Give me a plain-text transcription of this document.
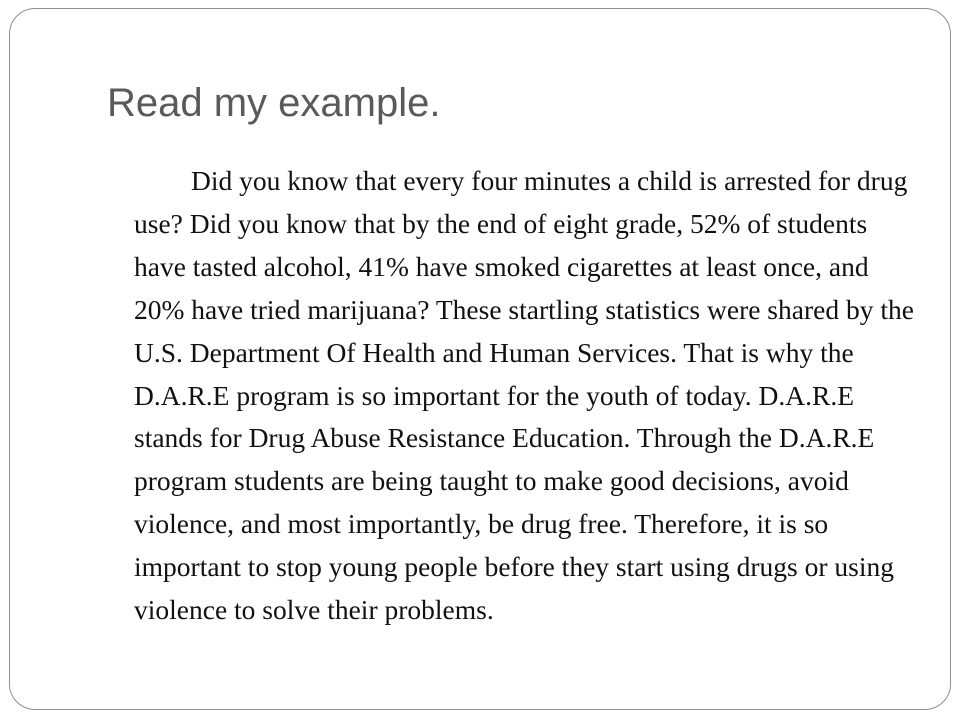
Read my example.

Did you know that every four minutes a child is arrested for drug use? Did you know that by the end of eight grade, 52% of students have tasted alcohol, 41% have smoked cigarettes at least once, and 20% have tried marijuana? These startling statistics were shared by the U.S. Department Of Health and Human Services. That is why the D.A.R.E program is so important for the youth of today. D.A.R.E stands for Drug Abuse Resistance Education. Through the D.A.R.E program students are being taught to make good decisions, avoid violence, and most importantly, be drug free. Therefore, it is so important to stop young people before they start using drugs or using violence to solve their problems.
